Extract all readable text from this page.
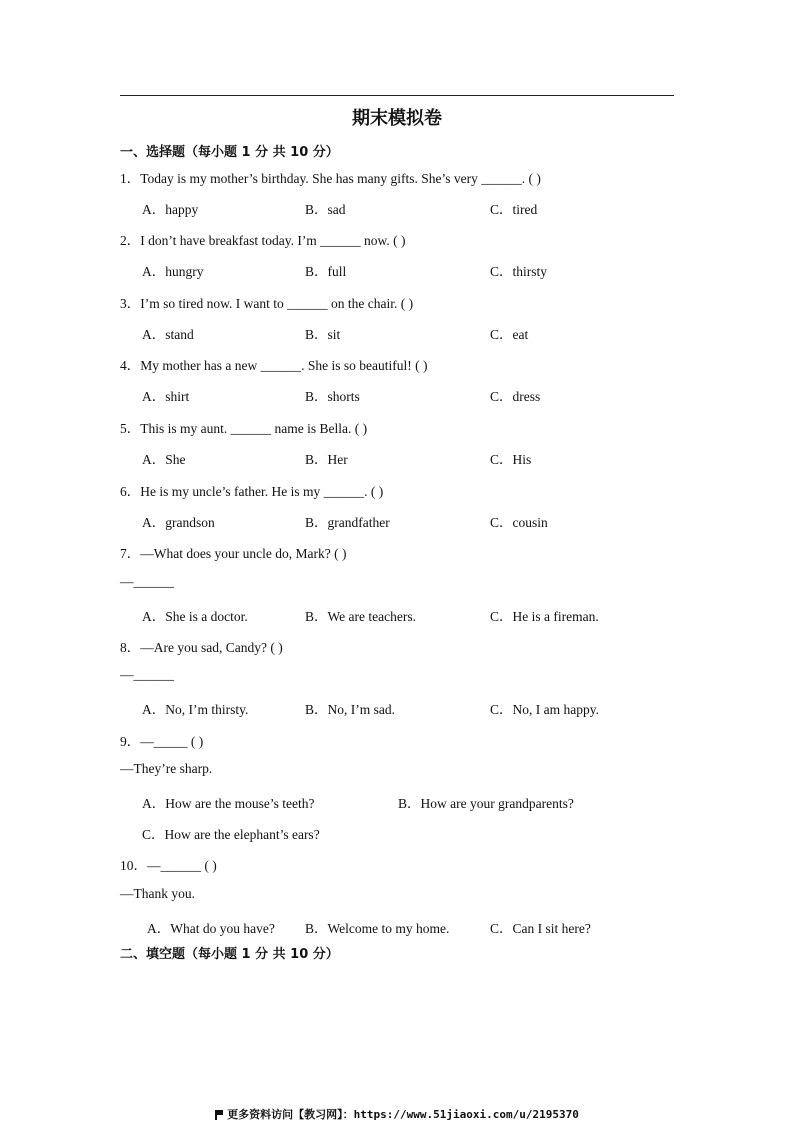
期末模拟卷
一、选择题（每小题 1 分 共 10 分）
1．Today is my mother’s birthday. She has many gifts. She’s very ______. ( )
A．happy	B．sad	C．tired
2．I don’t have breakfast today. I’m ______ now. ( )
A．hungry	B．full	C．thirsty
3．I’m so tired now. I want to ______ on the chair. ( )
A．stand	B．sit	C．eat
4．My mother has a new ______. She is so beautiful! ( )
A．shirt	B．shorts	C．dress
5．This is my aunt. ______ name is Bella. ( )
A．She	B．Her	C．His
6．He is my uncle’s father. He is my ______. ( )
A．grandson	B．grandfather	C．cousin
7．—What does your uncle do, Mark? ( )
—______
A．She is a doctor.	B．We are teachers.	C．He is a fireman.
8．—Are you sad, Candy? ( )
—______
A．No, I’m thirsty.	B．No, I’m sad.	C．No, I am happy.
9．—_____ ( )
—They’re sharp.
A．How are the mouse’s teeth?	B．How are your grandparents?
C．How are the elephant’s ears?
10．—______ ( )
—Thank you.
A．What do you have? B．Welcome to my home.	C．Can I sit here?
二、填空题（每小题 1 分 共 10 分）
更多资料访问【教习网】：https://www.51jiaoxi.com/u/2195370
